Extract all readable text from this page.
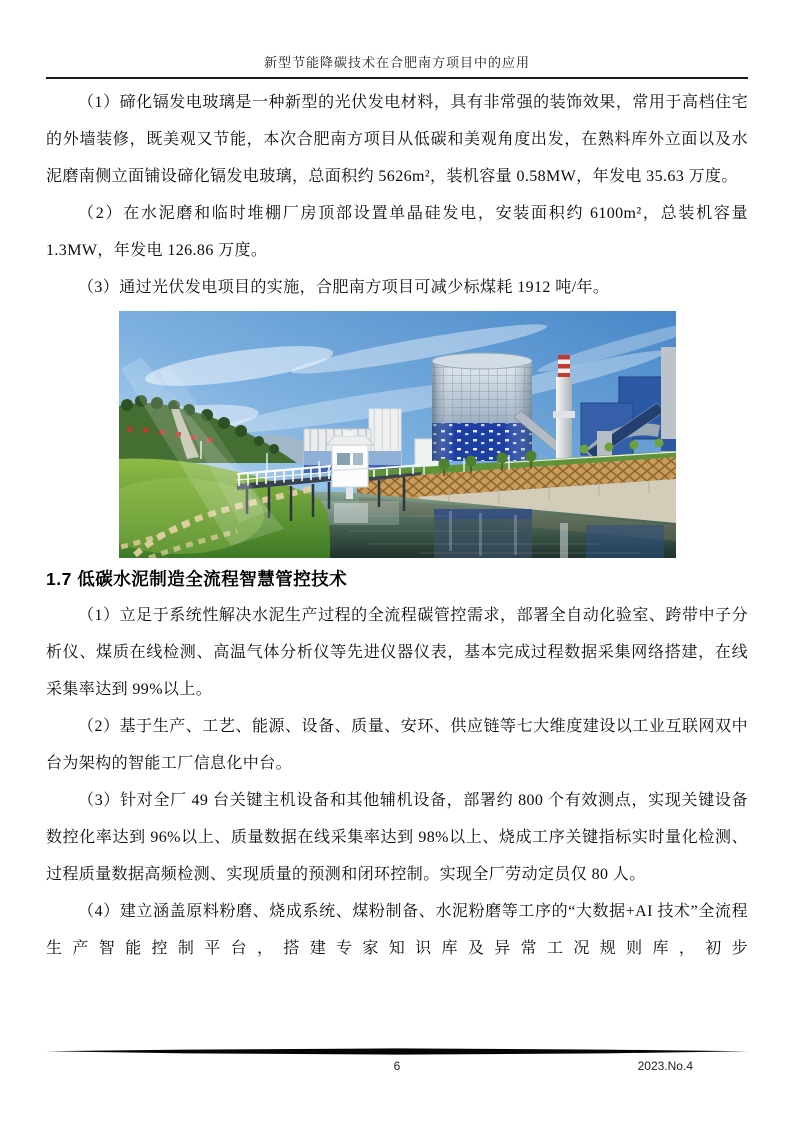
新型节能降碳技术在合肥南方项目中的应用

（1）碲化镉发电玻璃是一种新型的光伏发电材料，具有非常强的装饰效果，常用于高档住宅的外墙装修，既美观又节能，本次合肥南方项目从低碳和美观角度出发，在熟料库外立面以及水泥磨南侧立面铺设碲化镉发电玻璃，总面积约 5626m²，装机容量 0.58MW，年发电 35.63 万度。

（2）在水泥磨和临时堆棚厂房顶部设置单晶硅发电，安装面积约 6100m²，总装机容量 1.3MW，年发电 126.86 万度。

（3）通过光伏发电项目的实施，合肥南方项目可减少标煤耗 1912 吨/年。

1.7 低碳水泥制造全流程智慧管控技术

（1）立足于系统性解决水泥生产过程的全流程碳管控需求，部署全自动化验室、跨带中子分析仪、煤质在线检测、高温气体分析仪等先进仪器仪表，基本完成过程数据采集网络搭建，在线采集率达到 99%以上。

（2）基于生产、工艺、能源、设备、质量、安环、供应链等七大维度建设以工业互联网双中台为架构的智能工厂信息化中台。

（3）针对全厂 49 台关键主机设备和其他辅机设备，部署约 800 个有效测点，实现关键设备数控化率达到 96%以上、质量数据在线采集率达到 98%以上、烧成工序关键指标实时量化检测、过程质量数据高频检测、实现质量的预测和闭环控制。实现全厂劳动定员仅 80 人。

（4）建立涵盖原料粉磨、烧成系统、煤粉制备、水泥粉磨等工序的“大数据+AI 技术”全流程生产智能控制平台，搭建专家知识库及异常工况规则库，初步

6	2023.No.4
